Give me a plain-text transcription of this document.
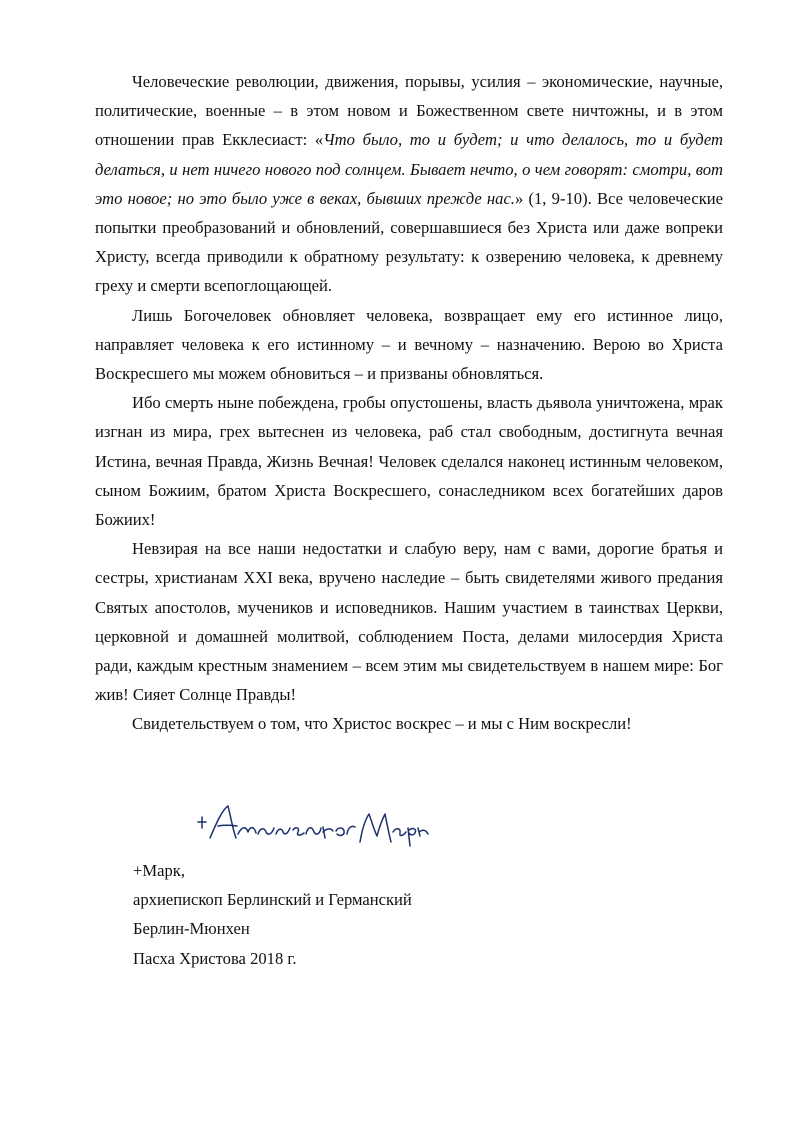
Человеческие революции, движения, порывы, усилия – экономические, научные, политические, военные – в этом новом и Божественном свете ничтожны, и в этом отношении прав Екклесиаст: «Что было, то и будет; и что делалось, то и будет делаться, и нет ничего нового под солнцем. Бывает нечто, о чем говорят: смотри, вот это новое; но это было уже в веках, бывших прежде нас.» (1, 9-10). Все человеческие попытки преобразований и обновлений, совершавшиеся без Христа или даже вопреки Христу, всегда приводили к обратному результату: к озверению человека, к древнему греху и смерти всепоглощающей.

Лишь Богочеловек обновляет человека, возвращает ему его истинное лицо, направляет человека к его истинному – и вечному – назначению. Верою во Христа Воскресшего мы можем обновиться – и призваны обновляться.

Ибо смерть ныне побеждена, гробы опустошены, власть дьявола уничтожена, мрак изгнан из мира, грех вытеснен из человека, раб стал свободным, достигнута вечная Истина, вечная Правда, Жизнь Вечная! Человек сделался наконец истинным человеком, сыном Божиим, братом Христа Воскресшего, сонаследником всех богатейших даров Божиих!

Невзирая на все наши недостатки и слабую веру, нам с вами, дорогие братья и сестры, христианам XXI века, вручено наследие – быть свидетелями живого предания Святых апостолов, мучеников и исповедников. Нашим участием в таинствах Церкви, церковной и домашней молитвой, соблюдением Поста, делами милосердия Христа ради, каждым крестным знамением – всем этим мы свидетельствуем в нашем мире: Бог жив! Сияет Солнце Правды!

Свидетельствуем о том, что Христос воскрес – и мы с Ним воскресли!

+Марк,
архиепископ Берлинский и Германский
Берлин-Мюнхен
Пасха Христова 2018 г.
